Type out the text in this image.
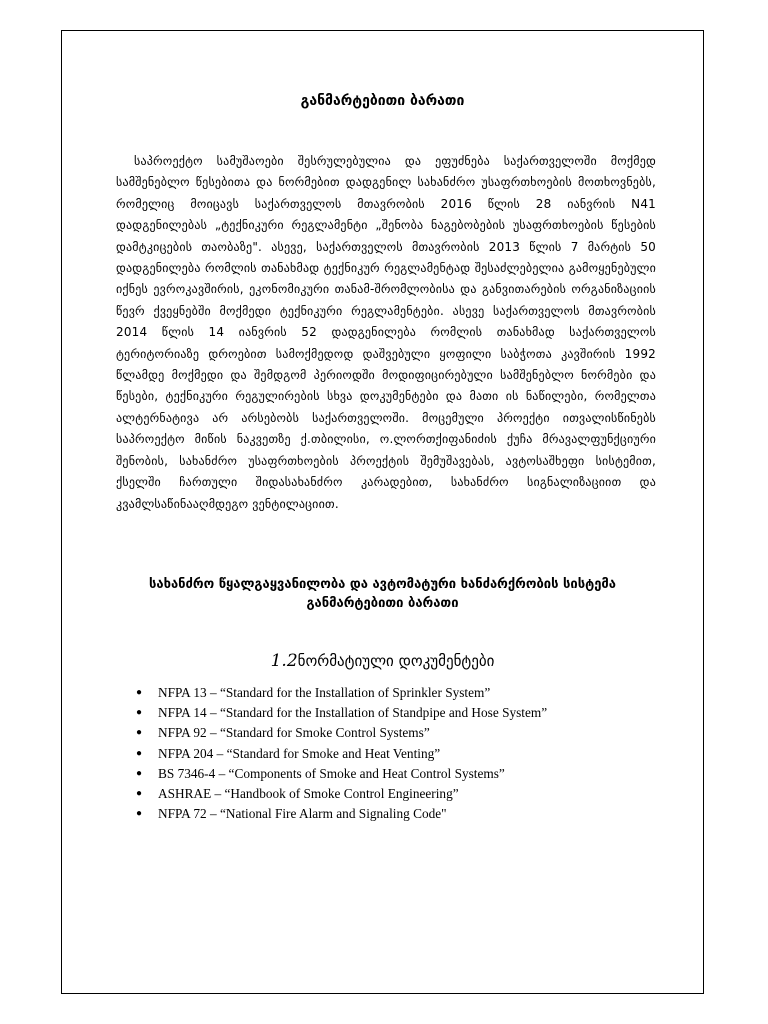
განმარტებითი ბარათი

საპროექტო სამუშაოები შესრულებულია და ეფუძნება საქართველოში მოქმედ სამშენებლო წესებითა და ნორმებით დადგენილ სახანძრო უსაფრთხოების მოთხოვნებს, რომელიც მოიცავს საქართველოს მთავრობის 2016 წლის 28 იანვრის N41 დადგენილებას „ტექნიკური რეგლამენტი „შენობა ნაგებობების უსაფრთხოების წესების დამტკიცების თაობაზე". ასევე, საქართველოს მთავრობის 2013 წლის 7 მარტის 50 დადგენილება რომლის თანახმად ტექნიკურ რეგლამენტად შესაძლებელია გამოყენებული იქნეს ევროკავშირის, ეკონომიკური თანამ-შრომლობისა და განვითარების ორგანიზაციის წევრ ქვეყნებში მოქმედი ტექნიკური რეგლამენტები. ასევე საქართველოს მთავრობის 2014 წლის 14 იანვრის 52 დადგენილება რომლის თანახმად საქართველოს ტერიტორიაზე დროებით სამოქმედოდ დაშვებული ყოფილი საბჭოთა კავშირის 1992 წლამდე მოქმედი და შემდგომ პერიოდში მოდიფიცირებული სამშენებლო ნორმები და წესები, ტექნიკური რეგულირების სხვა დოკუმენტები და მათი ის ნაწილები, რომელთა ალტერნატივა არ არსებობს საქართველოში. მოცემული პროექტი ითვალისწინებს საპროექტო მიწის ნაკვეთზე ქ.თბილისი, ო.ლორთქიფანიძის ქუჩა მრავალფუნქციური შენობის, სახანძრო უსაფრთხოების პროექტის შემუშავებას, ავტოსაშხეფი სისტემით, ქსელში ჩართული შიდასახანძრო კარადებით, სახანძრო სიგნალიზაციით და კვამლსაწინააღმდეგო ვენტილაციით.

სახანძრო წყალგაყვანილობა და ავტომატური ხანძარქრობის სისტემა
განმარტებითი ბარათი
1.2ნორმატიული დოკუმენტები
● NFPA 13 – “Standard for the Installation of Sprinkler System”
● NFPA 14 – “Standard for the Installation of Standpipe and Hose System”
● NFPA 92 – “Standard for Smoke Control Systems”
● NFPA 204 – “Standard for Smoke and Heat Venting”
● BS 7346-4 – “Components of Smoke and Heat Control Systems”
● ASHRAE – “Handbook of Smoke Control Engineering”
● NFPA 72 – “National Fire Alarm and Signaling Code"
